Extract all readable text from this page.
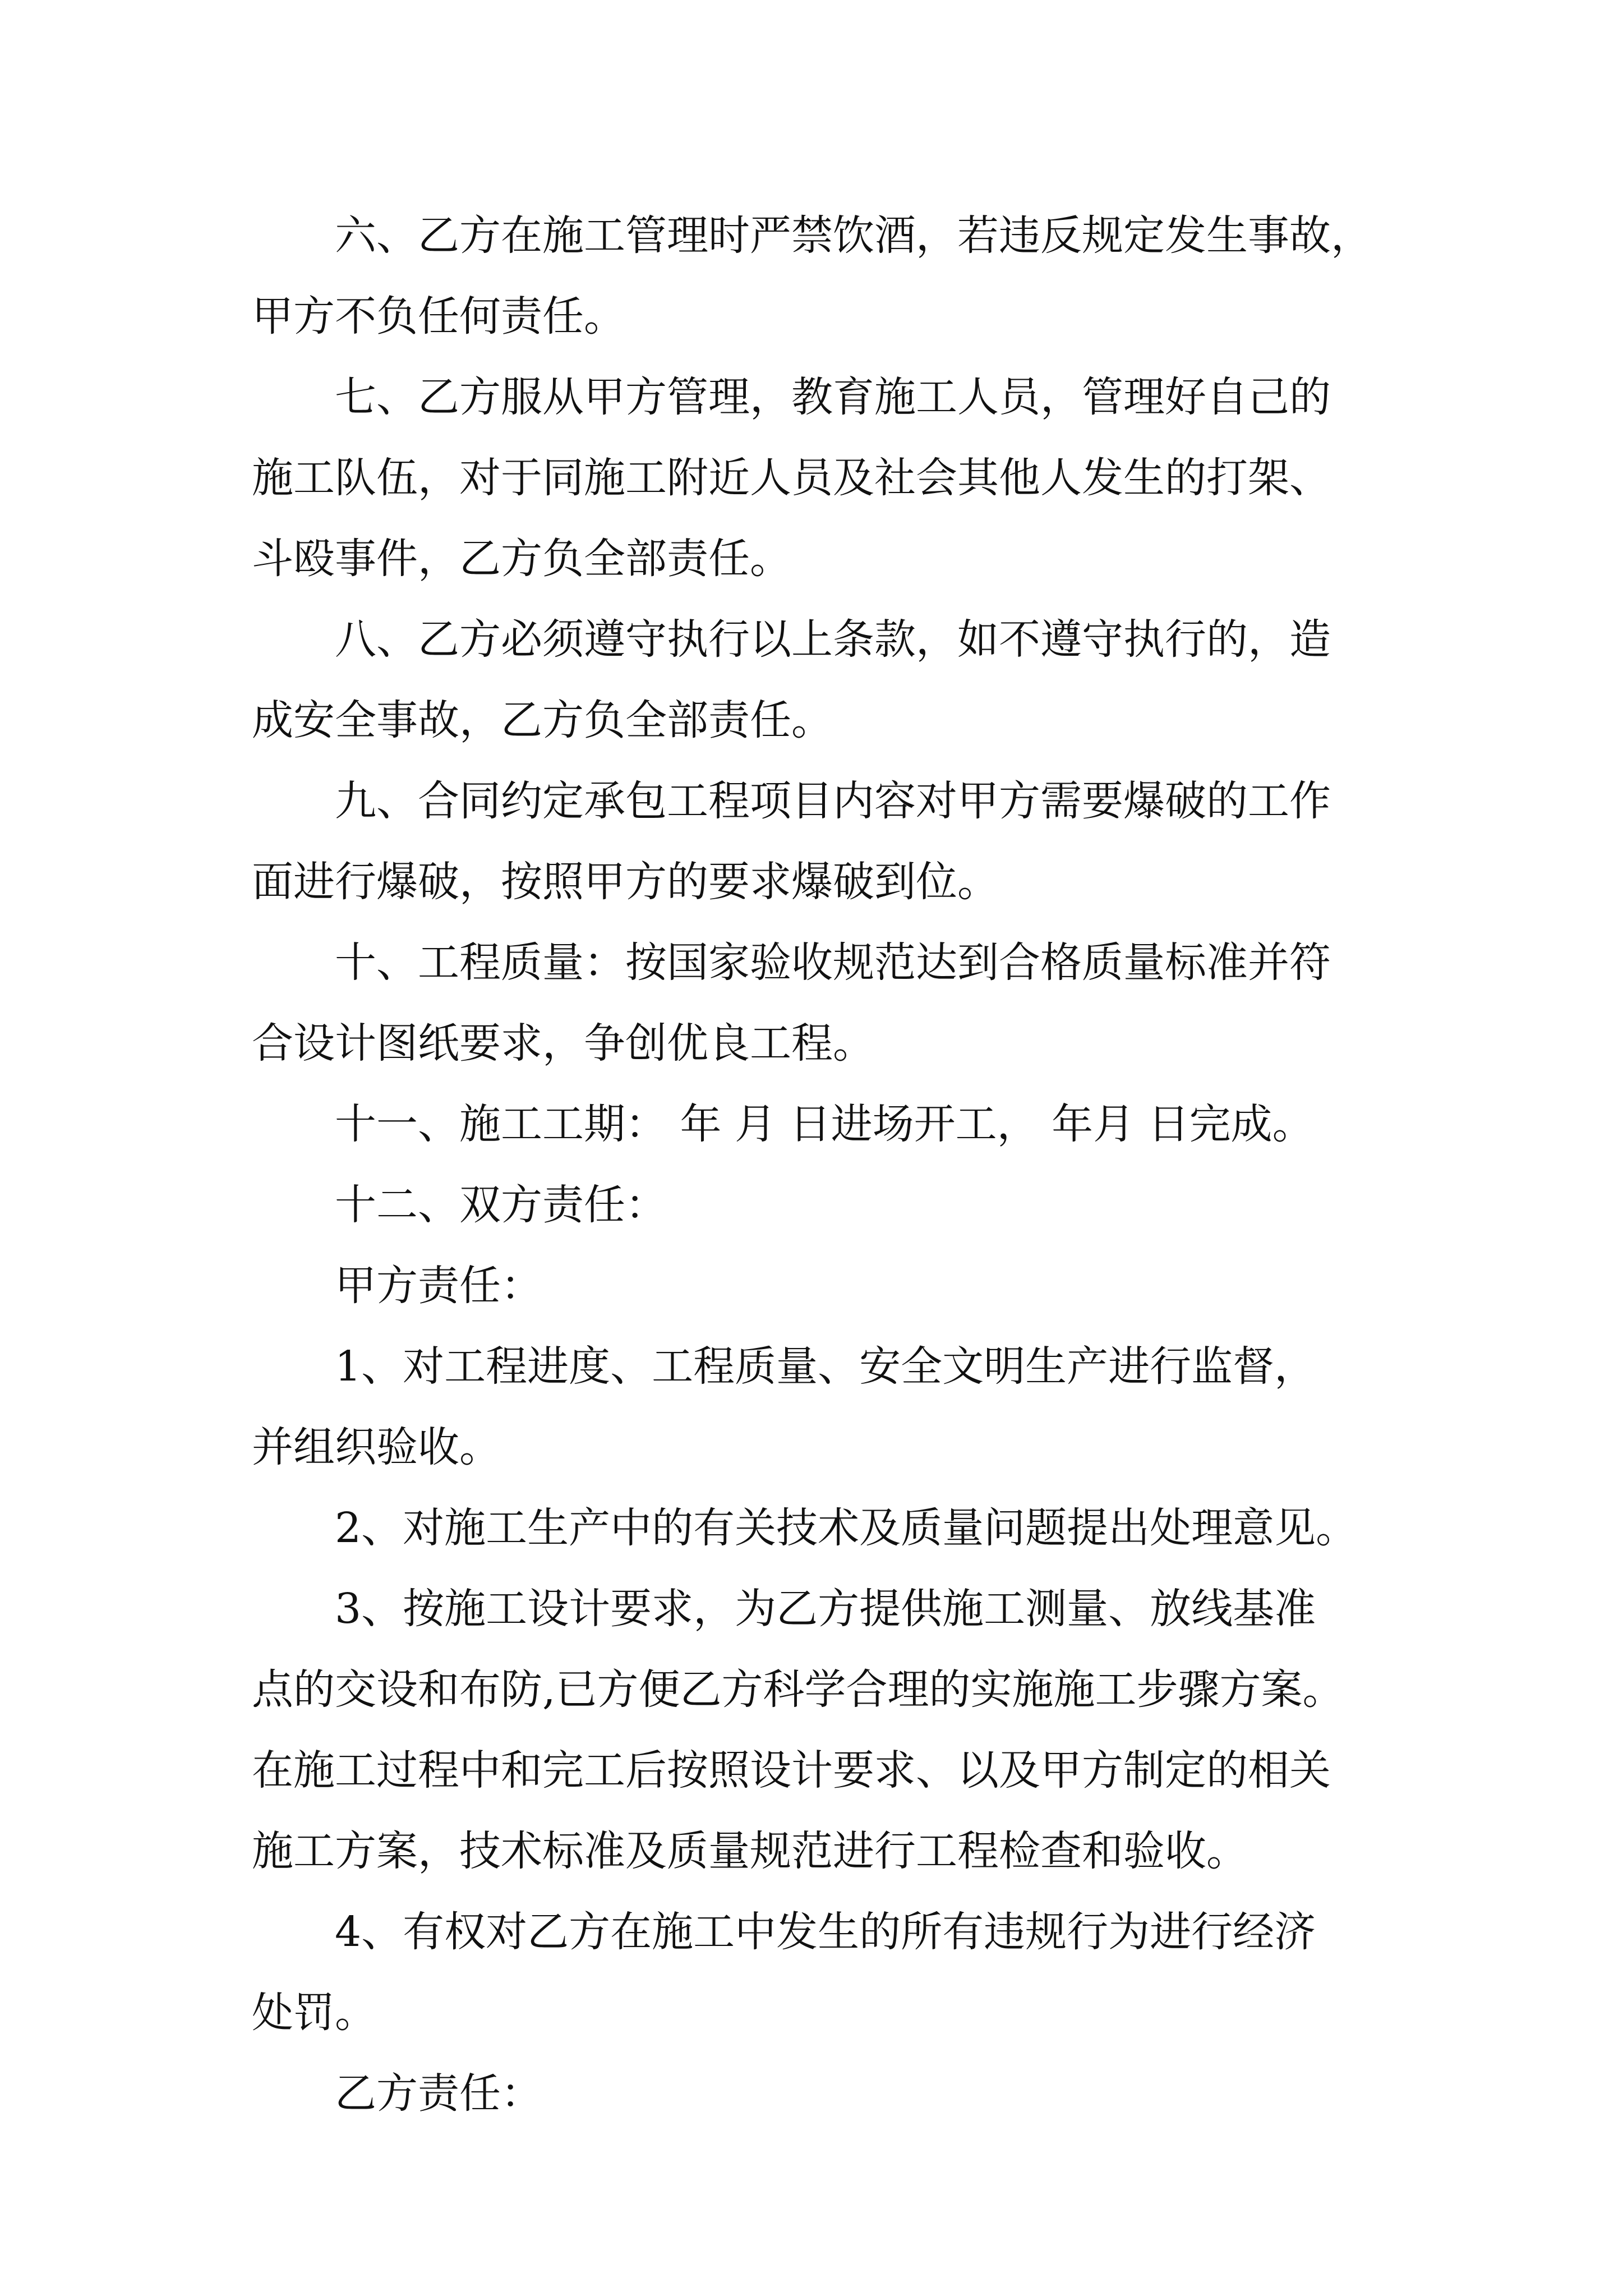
六、乙方在施工管理时严禁饮酒，若违反规定发生事故，
甲方不负任何责任。
七、乙方服从甲方管理，教育施工人员，管理好自己的
施工队伍，对于同施工附近人员及社会其他人发生的打架、
斗殴事件，乙方负全部责任。
八、乙方必须遵守执行以上条款，如不遵守执行的，造
成安全事故，乙方负全部责任。
九、合同约定承包工程项目内容对甲方需要爆破的工作
面进行爆破，按照甲方的要求爆破到位。
十、工程质量：按国家验收规范达到合格质量标准并符
合设计图纸要求，争创优良工程。
十一、施工工期： 年 月 日进场开工， 年月 日完成。
十二、双方责任：
甲方责任：
1、对工程进度、工程质量、安全文明生产进行监督，
并组织验收。
2、对施工生产中的有关技术及质量问题提出处理意见。
3、按施工设计要求，为乙方提供施工测量、放线基准
点的交设和布防,已方便乙方科学合理的实施施工步骤方案。
在施工过程中和完工后按照设计要求、以及甲方制定的相关
施工方案，技术标准及质量规范进行工程检查和验收。
4、有权对乙方在施工中发生的所有违规行为进行经济
处罚。
乙方责任：
